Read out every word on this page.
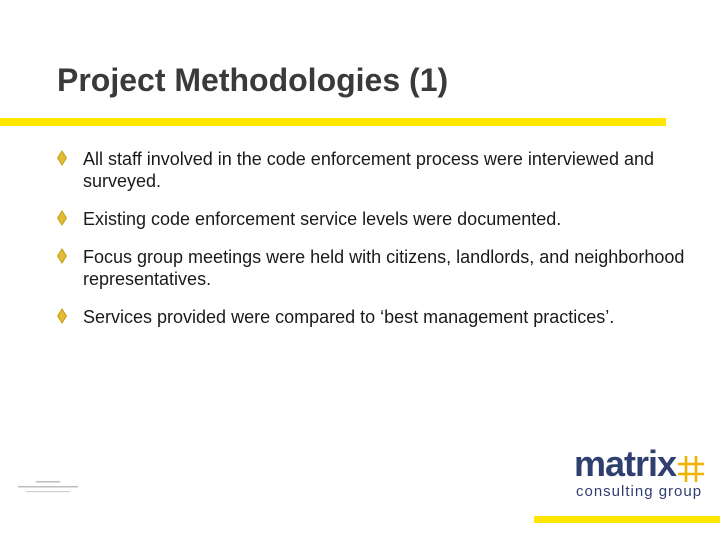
Project Methodologies (1)
All staff involved in the code enforcement process were interviewed and surveyed.
Existing code enforcement service levels were documented.
Focus group meetings were held with citizens, landlords, and neighborhood representatives.
Services provided were compared to ‘best management practices’.
matrix
consulting group
